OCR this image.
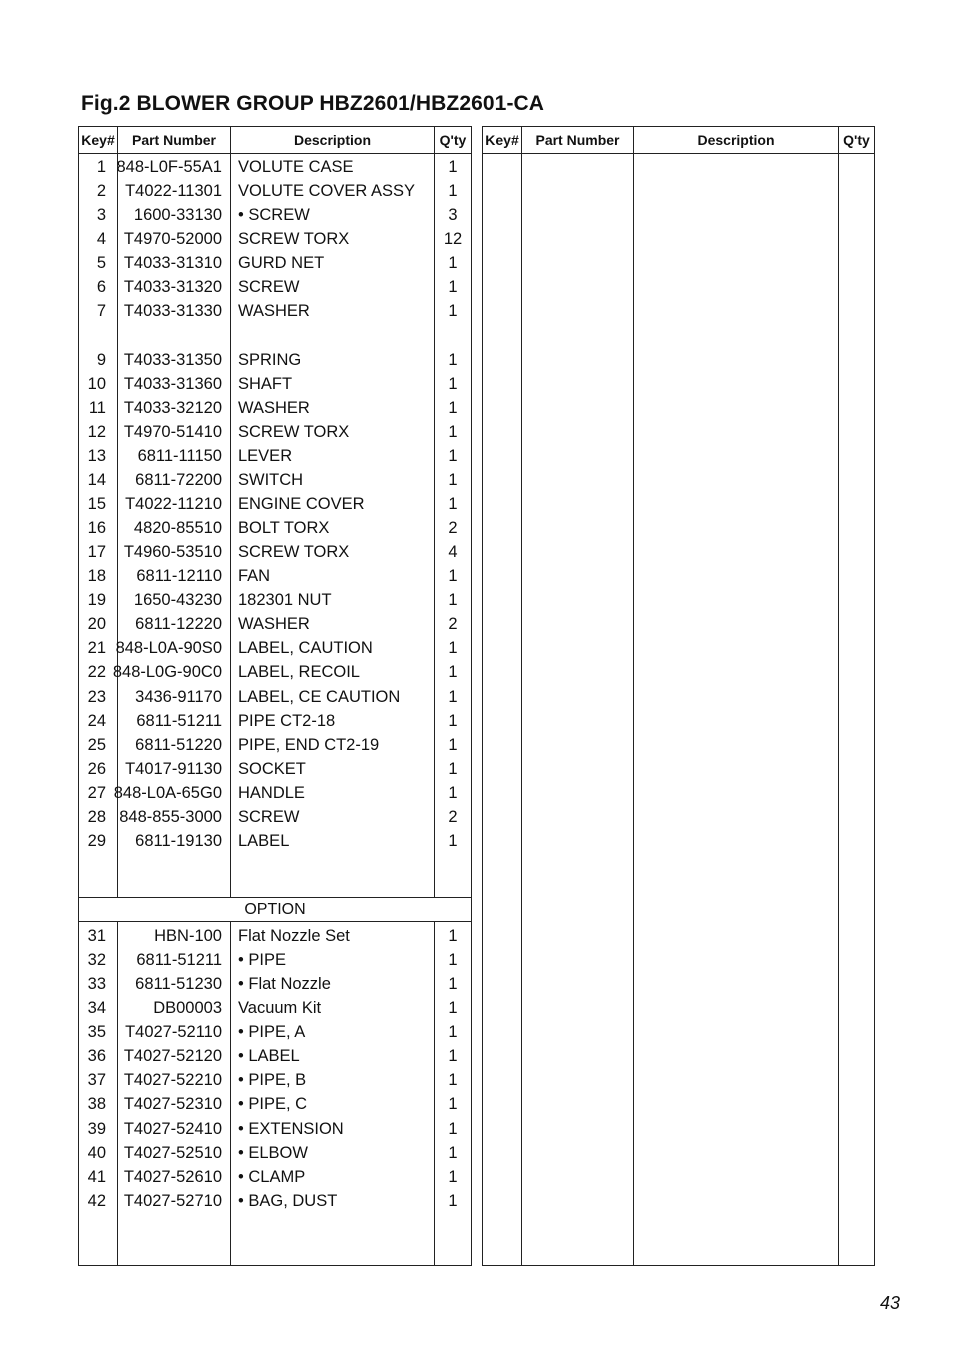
Fig.2 BLOWER GROUP HBZ2601/HBZ2601-CA
Key#	Part Number	Description	Q'ty
1 848-L0F-55A1 VOLUTE CASE	1
2 T4022-11301 VOLUTE COVER ASSY	1
3 1600-33130 • SCREW	3
4 T4970-52000 SCREW TORX	12
5 T4033-31310 GURD NET	1
6 T4033-31320 SCREW	1
7 T4033-31330 WASHER	1
9 T4033-31350 SPRING	1
10 T4033-31360 SHAFT	1
11 T4033-32120 WASHER	1
12 T4970-51410 SCREW TORX	1
13 6811-11150 LEVER	1
14 6811-72200 SWITCH	1
15 T4022-11210 ENGINE COVER	1
16 4820-85510 BOLT TORX	2
17 T4960-53510 SCREW TORX	4
18 6811-12110 FAN	1
19 1650-43230 182301 NUT	1
20 6811-12220 WASHER	2
21 848-L0A-90S0 LABEL, CAUTION	1
22 848-L0G-90C0 LABEL, RECOIL	1
23 3436-91170 LABEL, CE CAUTION	1
24 6811-51211 PIPE CT2-18	1
25 6811-51220 PIPE, END CT2-19	1
26 T4017-91130 SOCKET	1
27 848-L0A-65G0 HANDLE	1
28 848-855-3000 SCREW	2
29 6811-19130 LABEL	1
OPTION
31	HBN-100 Flat Nozzle Set	1
32 6811-51211 • PIPE	1
33 6811-51230 • Flat Nozzle	1
34	DB00003 Vacuum Kit	1
35 T4027-52110 • PIPE, A	1
36 T4027-52120 • LABEL	1
37 T4027-52210 • PIPE, B	1
38 T4027-52310 • PIPE, C	1
39 T4027-52410 • EXTENSION	1
40 T4027-52510 • ELBOW	1
41 T4027-52610 • CLAMP	1
42 T4027-52710 • BAG, DUST	1
Key#	Part Number	Description	Q'ty
43
